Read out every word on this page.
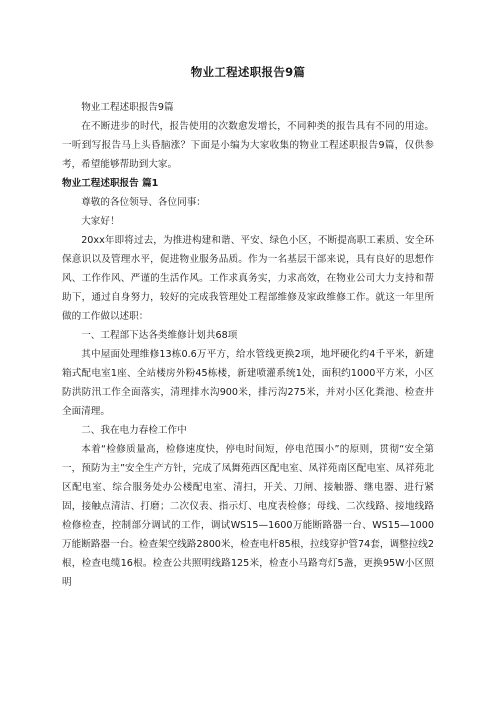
物业工程述职报告9篇

物业工程述职报告9篇

在不断进步的时代，报告使用的次数愈发增长，不同种类的报告具有不同的用途。一听到写报告马上头昏脑涨？下面是小编为大家收集的物业工程述职报告9篇，仅供参考，希望能够帮助到大家。

物业工程述职报告 篇1

尊敬的各位领导、各位同事：

大家好！

20xx年即将过去，为推进构建和谐、平安、绿色小区，不断提高职工素质、安全环保意识以及管理水平，促进物业服务品质。作为一名基层干部来说，具有良好的思想作风、工作作风、严谨的生活作风。工作求真务实，力求高效，在物业公司大力支持和帮助下，通过自身努力，较好的完成我管理处工程部维修及家政维修工作。就这一年里所做的工作做以述职：

一、工程部下达各类维修计划共68项

其中屋面处理维修13栋0.6万平方，给水管线更换2项，地坪硬化约4千平米，新建箱式配电室1座、全站楼房外粉45栋楼，新建喷灌系统1处，面积约1000平方米，小区防洪防汛工作全面落实，清理排水沟900米，排污沟275米，并对小区化粪池、检查井全面清理。

二、我在电力春检工作中

本着“检修质量高，检修速度快，停电时间短，停电范围小”的原则，贯彻“安全第一，预防为主”安全生产方针，完成了凤舞苑西区配电室、凤祥苑南区配电室、凤祥苑北区配电室、综合服务处办公楼配电室、清扫，开关、刀闸、接触器、继电器、进行紧固，接触点清洁、打磨；二次仪表、指示灯、电度表检修；母线、二次线路、接地线路检修检查，控制部分调试的工作，调试WS15—1600万能断路器一台、WS15—1000万能断路器一台。检查架空线路2800米，检查电杆85根，拉线穿护管74套，调整拉线2根，检查电缆16根。检查公共照明线路125米，检查小马路弯灯5盏，更换95W小区照明
